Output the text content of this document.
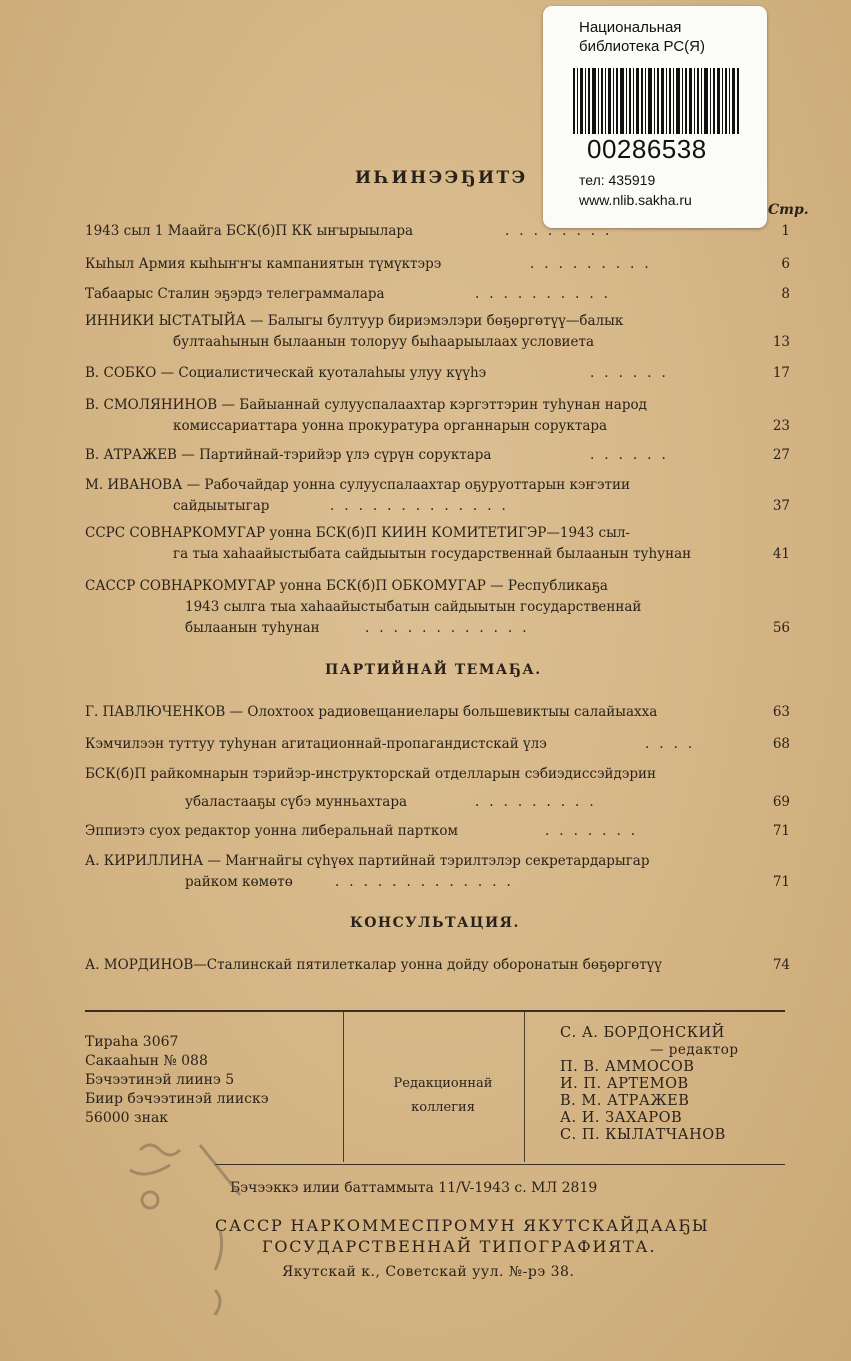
Национальная
библиотека РС(Я)
00286538
тел: 435919
www.nlib.sakha.ru
ИҺИНЭЭҔИТЭ
Стр.
1943 сыл 1 Маайга БСК(б)П КК ыҥырыылара	........	1
Кыһыл Армия кыһыҥҥы кампаниятын түмүктэрэ	.........	6
Табаарыс Сталин эҕэрдэ телеграммалара	..........	8
ИННИКИ ЫСТАТЫЙА — Балыгы бултуур бириэмэлэри бөҕөргөтүү—балык
бултааһынын былаанын толоруу быһаарыылаах условиета	13
В. СОБКО — Социалистическай куоталаһыы улуу күүһэ	......	17
В. СМОЛЯНИНОВ — Байыаннай сулууспалаахтар кэргэттэрин туһунан народ
комиссариаттара уонна прокуратура органнарын соруктара	23
В. АТРАЖЕВ — Партийнай-тэрийэр үлэ сүрүн соруктара	......	27
М. ИВАНОВА — Рабочайдар уонна сулууспалаахтар оҕуруоттарын кэҥэтии
сайдыытыгар	.............	37
ССРС СОВНАРКОМУГАР уонна БСК(б)П КИИН КОМИТЕТИГЭР—1943 сыл-
га тыа хаһаайыстыбата сайдыытын государственнай былаанын туһунан	41
САССР СОВНАРКОМУГАР уонна БСК(б)П ОБКОМУГАР — Республикаҕа
1943 сылга тыа хаһаайыстыбатын сайдыытын государственнай
былаанын туһунан	............	56
ПАРТИЙНАЙ ТЕМАҔА.
Г. ПАВЛЮЧЕНКОВ — Олохтоох радиовещаниелары большевиктыы салайыахха	63
Кэмчилээн туттуу туһунан агитационнай-пропагандистскай үлэ	....	68
БСК(б)П райкомнарын тэрийэр-инструкторскай отделларын сэбиэдиссэйдэрин
убаластааҕы сүбэ мунньахтара	.........	69
Эппиэтэ суох редактор уонна либеральнай партком	.......	71
А. КИРИЛЛИНА — Маҥнайгы сүһүөх партийнай тэрилтэлэр секретардарыгар
райком көмөтө	.............	71
КОНСУЛЬТАЦИЯ.
А. МОРДИНОВ—Сталинскай пятилеткалар уонна дойду оборонатын бөҕөргөтүү	74
Тираһа 3067
Сакааһын № 088
Бэчээтинэй лиинэ 5
Биир бэчээтинэй лиискэ
56000 знак
Редакционнай
коллегия
С. А. БОРДОНСКИЙ
— редактор
П. В. АММОСОВ
И. П. АРТЕМОВ
В. М. АТРАЖЕВ
А. И. ЗАХАРОВ
С. П. КЫЛАТЧАНОВ
Бэчээккэ илии баттаммыта 11/V-1943 с. МЛ 2819
САССР НАРКОММЕСПРОМУН ЯКУТСКАЙДААҔЫ
ГОСУДАРСТВЕННАЙ ТИПОГРАФИЯТА.
Якутскай к., Советскай уул. №-рэ 38.
